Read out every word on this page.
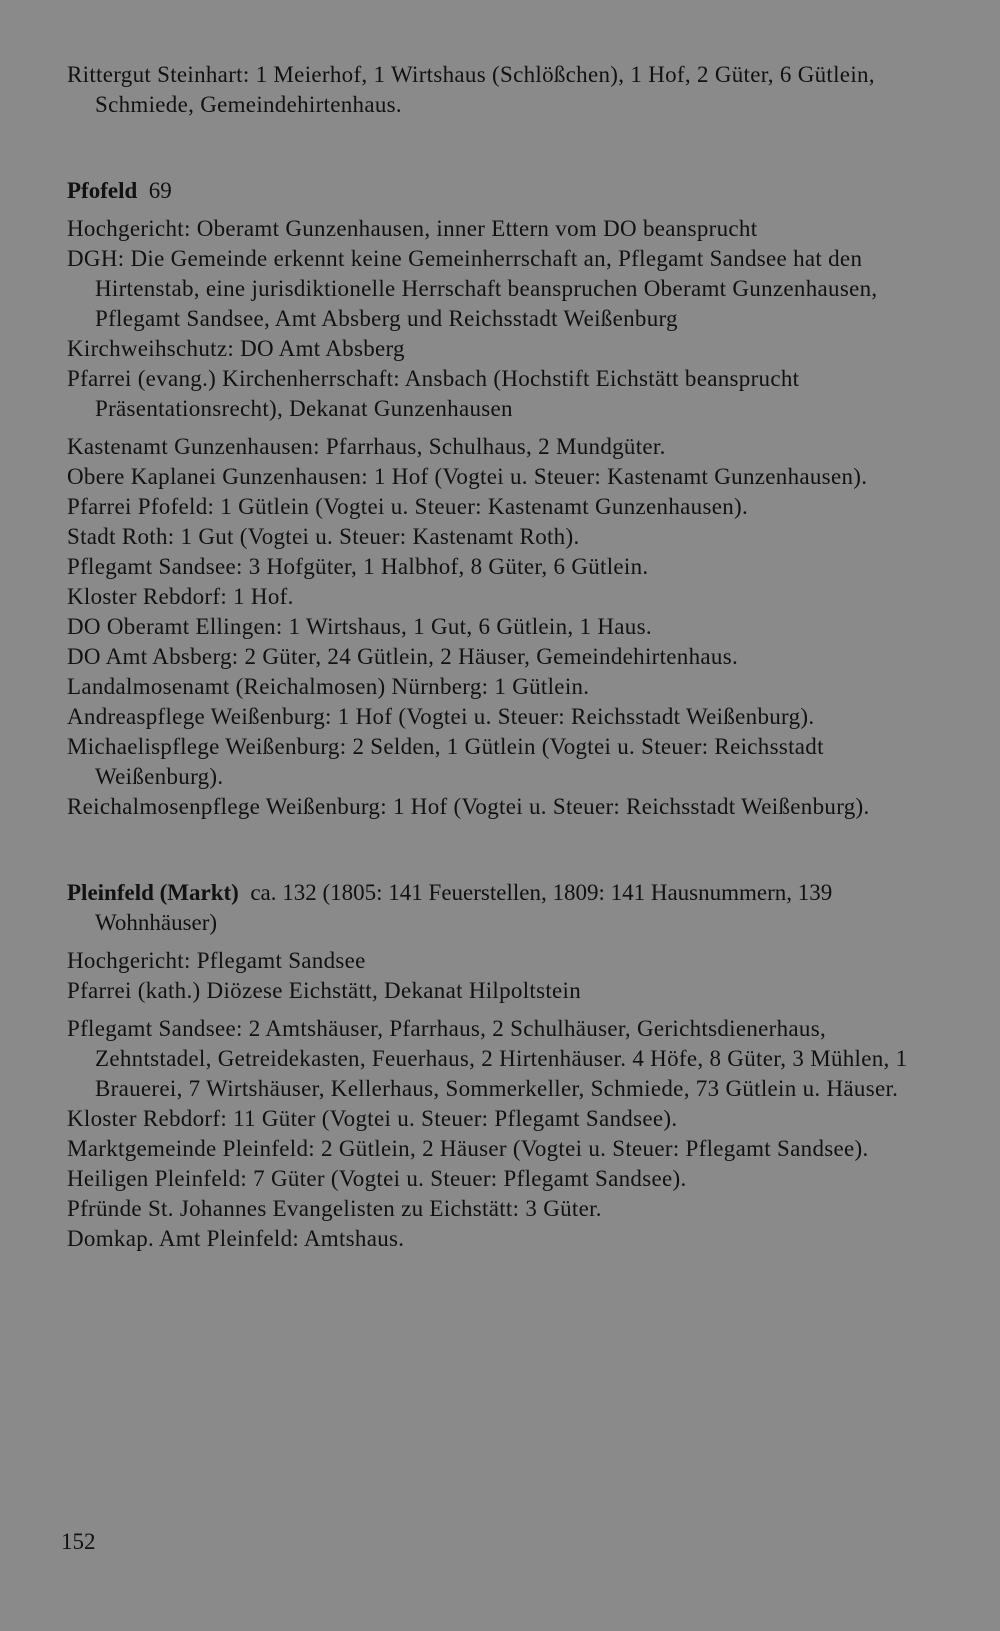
Rittergut Steinhart: 1 Meierhof, 1 Wirtshaus (Schlößchen), 1 Hof, 2 Güter, 6 Gütlein, Schmiede, Gemeindehirtenhaus.

Pfofeld 69

Hochgericht: Oberamt Gunzenhausen, inner Ettern vom DO beansprucht

DGH: Die Gemeinde erkennt keine Gemeinherrschaft an, Pflegamt Sandsee hat den Hirtenstab, eine jurisdiktionelle Herrschaft beanspruchen Oberamt Gunzenhausen, Pflegamt Sandsee, Amt Absberg und Reichsstadt Weißenburg

Kirchweihschutz: DO Amt Absberg

Pfarrei (evang.) Kirchenherrschaft: Ansbach (Hochstift Eichstätt beansprucht Präsentationsrecht), Dekanat Gunzenhausen

Kastenamt Gunzenhausen: Pfarrhaus, Schulhaus, 2 Mundgüter.

Obere Kaplanei Gunzenhausen: 1 Hof (Vogtei u. Steuer: Kastenamt Gunzenhausen).

Pfarrei Pfofeld: 1 Gütlein (Vogtei u. Steuer: Kastenamt Gunzenhausen).

Stadt Roth: 1 Gut (Vogtei u. Steuer: Kastenamt Roth).

Pflegamt Sandsee: 3 Hofgüter, 1 Halbhof, 8 Güter, 6 Gütlein.

Kloster Rebdorf: 1 Hof.

DO Oberamt Ellingen: 1 Wirtshaus, 1 Gut, 6 Gütlein, 1 Haus.

DO Amt Absberg: 2 Güter, 24 Gütlein, 2 Häuser, Gemeindehirtenhaus.

Landalmosenamt (Reichalmosen) Nürnberg: 1 Gütlein.

Andreaspflege Weißenburg: 1 Hof (Vogtei u. Steuer: Reichsstadt Weißenburg).

Michaelispflege Weißenburg: 2 Selden, 1 Gütlein (Vogtei u. Steuer: Reichsstadt Weißenburg).

Reichalmosenpflege Weißenburg: 1 Hof (Vogtei u. Steuer: Reichsstadt Weißenburg).

Pleinfeld (Markt) ca. 132 (1805: 141 Feuerstellen, 1809: 141 Hausnummern, 139 Wohnhäuser)

Hochgericht: Pflegamt Sandsee

Pfarrei (kath.) Diözese Eichstätt, Dekanat Hilpoltstein

Pflegamt Sandsee: 2 Amtshäuser, Pfarrhaus, 2 Schulhäuser, Gerichtsdienerhaus, Zehntstadel, Getreidekasten, Feuerhaus, 2 Hirtenhäuser. 4 Höfe, 8 Güter, 3 Mühlen, 1 Brauerei, 7 Wirtshäuser, Kellerhaus, Sommerkeller, Schmiede, 73 Gütlein u. Häuser.

Kloster Rebdorf: 11 Güter (Vogtei u. Steuer: Pflegamt Sandsee).

Marktgemeinde Pleinfeld: 2 Gütlein, 2 Häuser (Vogtei u. Steuer: Pflegamt Sandsee).

Heiligen Pleinfeld: 7 Güter (Vogtei u. Steuer: Pflegamt Sandsee).

Pfründe St. Johannes Evangelisten zu Eichstätt: 3 Güter.

Domkap. Amt Pleinfeld: Amtshaus.

152
